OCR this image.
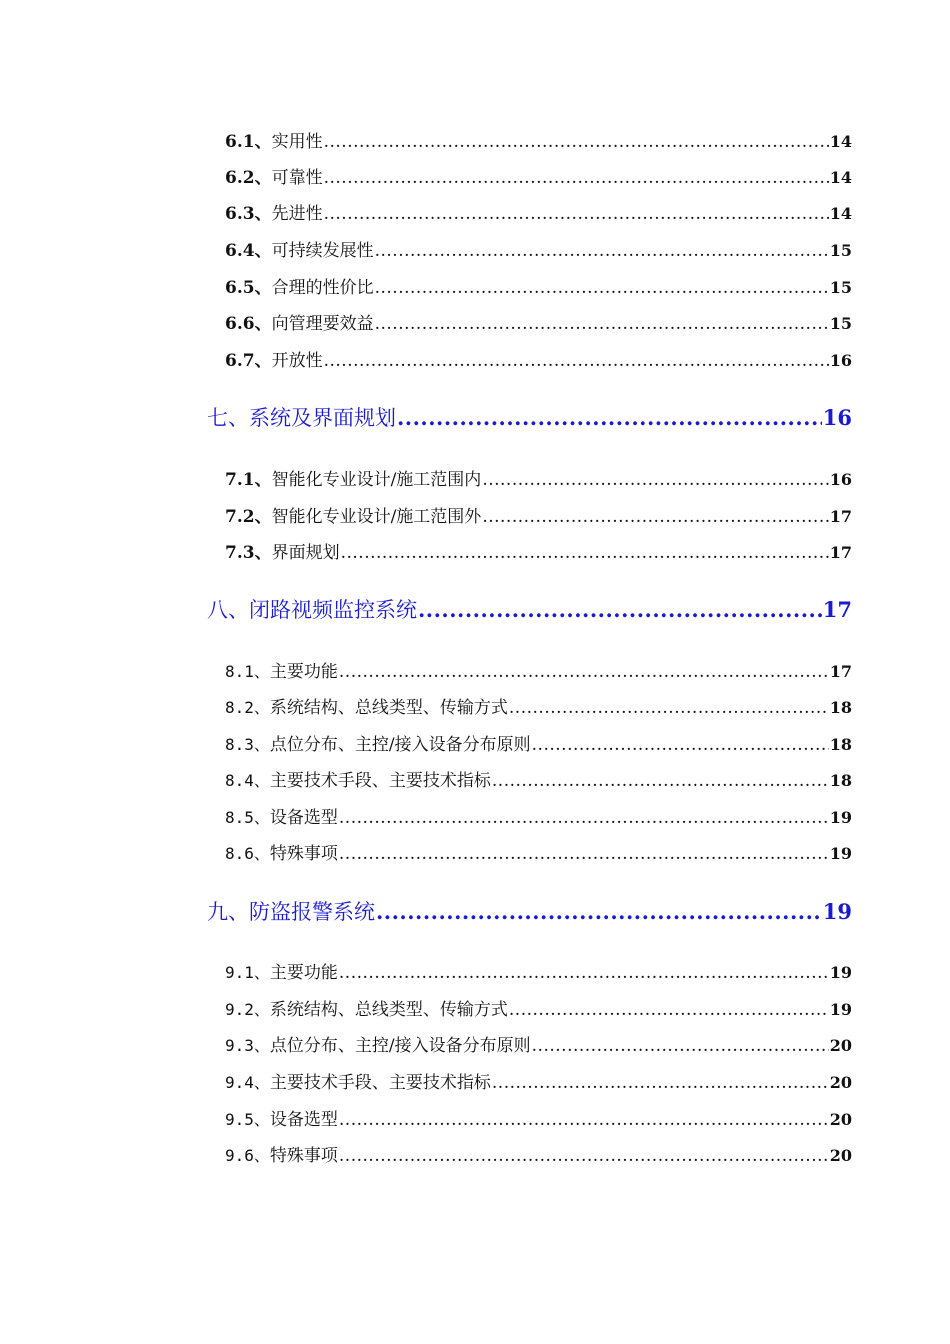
6.1、 实用性 .....	14
6.2、 可靠性 .....	14
6.3、 先进性 .....	14
6.4、 可持续发展性 .....	15
6.5、 合理的性价比 .....	15
6.6、 向管理要效益 .....	15
6.7、 开放性 .....	16
七、 系统及界面规划 .....	16
7.1、 智能化专业设计/施工范围内 .....	16
7.2、 智能化专业设计/施工范围外 .....	17
7.3、 界面规划 .....	17
八、 闭路视频监控系统 .....	17
8.1、 主要功能 .....	17
8.2、 系统结构、总线类型、传输方式 .....	18
8.3、 点位分布、主控/接入设备分布原则 .....	18
8.4、 主要技术手段、主要技术指标 .....	18
8.5、 设备选型 .....	19
8.6、 特殊事项 .....	19
九、 防盗报警系统 .....	19
9.1、 主要功能 .....	19
9.2、 系统结构、总线类型、传输方式 .....	19
9.3、 点位分布、主控/接入设备分布原则 .....	20
9.4、 主要技术手段、主要技术指标 .....	20
9.5、 设备选型 .....	20
9.6、 特殊事项 .....	20
